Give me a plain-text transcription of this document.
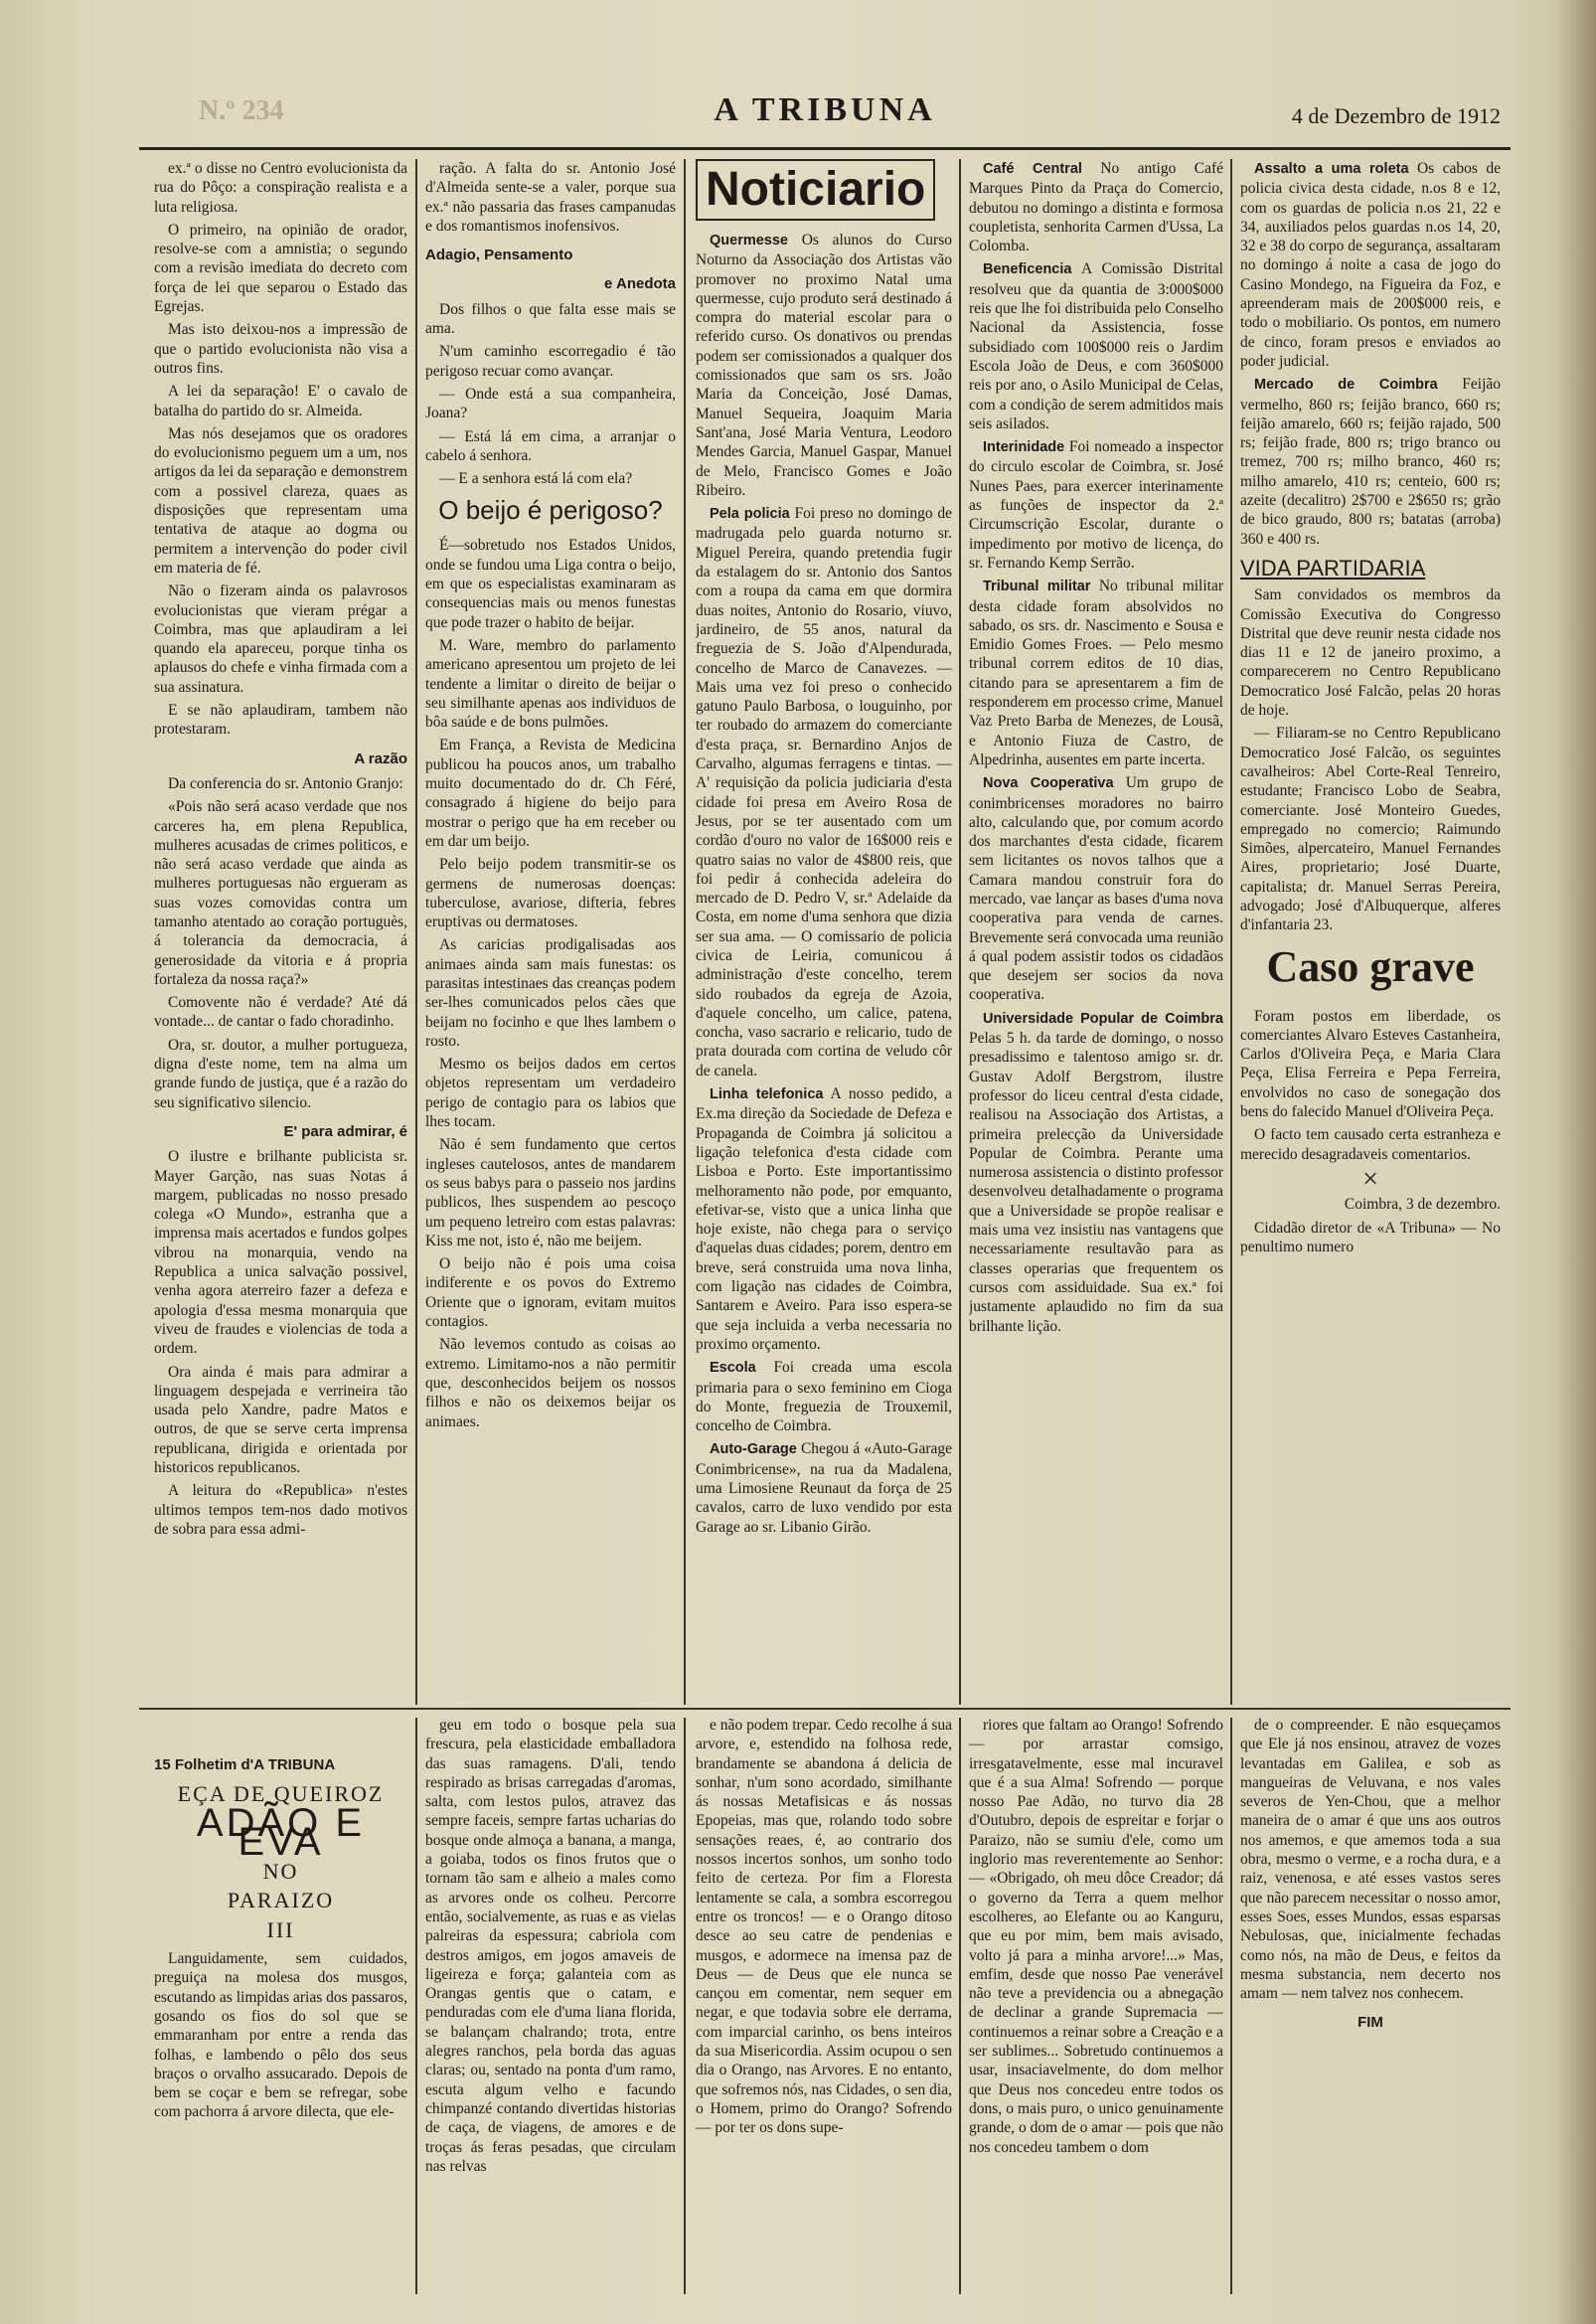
N.º 234	A TRIBUNA	4 de Dezembro de 1912

ex.ª o disse no Centro evolucionista da rua do Pôço: a conspiração realista e a luta religiosa.

O primeiro, na opinião de orador, resolve-se com a amnistia; o segundo com a revisão imediata do decreto com força de lei que separou o Estado das Egrejas.

Mas isto deixou-nos a impressão de que o partido evolucionista não visa a outros fins.

A lei da separação! E' o cavalo de batalha do partido do sr. Almeida.

Mas nós desejamos que os oradores do evolucionismo peguem um a um, nos artigos da lei da separação e demonstrem com a possivel clareza, quaes as disposições que representam uma tentativa de ataque ao dogma ou permitem a intervenção do poder civil em materia de fé.

Não o fizeram ainda os palavrosos evolucionistas que vieram prégar a Coimbra, mas que aplaudiram a lei quando ela apareceu, porque tinha os aplausos do chefe e vinha firmada com a sua assinatura.

E se não aplaudiram, tambem não protestaram.

A razão

Da conferencia do sr. Antonio Granjo:

«Pois não será acaso verdade que nos carceres ha, em plena Republica, mulheres acusadas de crimes politicos, e não será acaso verdade que ainda as mulheres portuguesas não ergueram as suas vozes comovidas contra um tamanho atentado ao coração portuguès, á tolerancia da democracia, á generosidade da vitoria e á propria fortaleza da nossa raça?»

Comovente não é verdade? Até dá vontade... de cantar o fado choradinho.

Ora, sr. doutor, a mulher portugueza, digna d'este nome, tem na alma um grande fundo de justiça, que é a razão do seu significativo silencio.

E' para admirar, é

O ilustre e brilhante publicista sr. Mayer Garção, nas suas Notas á margem, publicadas no nosso presado colega «O Mundo», estranha que a imprensa mais acertados e fundos golpes vibrou na monarquia, vendo na Republica a unica salvação possivel, venha agora aterreiro fazer a defeza e apologia d'essa mesma monarquia que viveu de fraudes e violencias de toda a ordem.

Ora ainda é mais para admirar a linguagem despejada e verrineira tão usada pelo Xandre, padre Matos e outros, de que se serve certa imprensa republicana, dirigida e orientada por historicos republicanos.

A leitura do «Republica» n'estes ultimos tempos tem-nos dado motivos de sobra para essa admi-

ração. A falta do sr. Antonio José d'Almeida sente-se a valer, porque sua ex.ª não passaria das frases campanudas e dos romantismos inofensivos.

Adagio, Pensamento
e Anedota

Dos filhos o que falta esse mais se ama.

N'um caminho escorregadio é tão perigoso recuar como avançar.

— Onde está a sua companheira, Joana?

— Está lá em cima, a arranjar o cabelo á senhora.

— E a senhora está lá com ela?

O beijo é perigoso?

É—sobretudo nos Estados Unidos, onde se fundou uma Liga contra o beijo, em que os especialistas examinaram as consequencias mais ou menos funestas que pode trazer o habito de beijar.

M. Ware, membro do parlamento americano apresentou um projeto de lei tendente a limitar o direito de beijar o seu similhante apenas aos individuos de bôa saúde e de bons pulmões.

Em França, a Revista de Medicina publicou ha poucos anos, um trabalho muito documentado do dr. Ch Féré, consagrado á higiene do beijo para mostrar o perigo que ha em receber ou em dar um beijo.

Pelo beijo podem transmitir-se os germens de numerosas doenças: tuberculose, avariose, difteria, febres eruptivas ou dermatoses.

As caricias prodigalisadas aos animaes ainda sam mais funestas: os parasitas intestinaes das creanças podem ser-lhes comunicados pelos cães que beijam no focinho e que lhes lambem o rosto.

Mesmo os beijos dados em certos objetos representam um verdadeiro perigo de contagio para os labios que lhes tocam.

Não é sem fundamento que certos ingleses cautelosos, antes de mandarem os seus babys para o passeio nos jardins publicos, lhes suspendem ao pescoço um pequeno letreiro com estas palavras: Kiss me not, isto é, não me beijem.

O beijo não é pois uma coisa indiferente e os povos do Extremo Oriente que o ignoram, evitam muitos contagios.

Não levemos contudo as coisas ao extremo. Limitamo-nos a não permitir que, desconhecidos beijem os nossos filhos e não os deixemos beijar os animaes.

Noticiario

Quermesse Os alunos do Curso Noturno da Associação dos Artistas vão promover no proximo Natal uma quermesse, cujo produto será destinado á compra do material escolar para o referido curso. Os donativos ou prendas podem ser comissionados a qualquer dos comissionados que sam os srs. João Maria da Conceição, José Damas, Manuel Sequeira, Joaquim Maria Sant'ana, José Maria Ventura, Leodoro Mendes Garcia, Manuel Gaspar, Manuel de Melo, Francisco Gomes e João Ribeiro.

Pela policia Foi preso no domingo de madrugada pelo guarda noturno sr. Miguel Pereira, quando pretendia fugir da estalagem do sr. Antonio dos Santos com a roupa da cama em que dormira duas noites, Antonio do Rosario, viuvo, jardineiro, de 55 anos, natural da freguezia de S. João d'Alpendurada, concelho de Marco de Canavezes. — Mais uma vez foi preso o conhecido gatuno Paulo Barbosa, o louguinho, por ter roubado do armazem do comerciante d'esta praça, sr. Bernardino Anjos de Carvalho, algumas ferragens e tintas. — A' requisição da policia judiciaria d'esta cidade foi presa em Aveiro Rosa de Jesus, por se ter ausentado com um cordão d'ouro no valor de 16$000 reis e quatro saias no valor de 4$800 reis, que foi pedir á conhecida adeleira do mercado de D. Pedro V, sr.ª Adelaide da Costa, em nome d'uma senhora que dizia ser sua ama. — O comissario de policia civica de Leiria, comunicou á administração d'este concelho, terem sido roubados da egreja de Azoia, d'aquele concelho, um calice, patena, concha, vaso sacrario e relicario, tudo de prata dourada com cortina de veludo côr de canela.

Linha telefonica A nosso pedido, a Ex.ma direção da Sociedade de Defeza e Propaganda de Coimbra já solicitou a ligação telefonica d'esta cidade com Lisboa e Porto. Este importantissimo melhoramento não pode, por emquanto, efetivar-se, visto que a unica linha que hoje existe, não chega para o serviço d'aquelas duas cidades; porem, dentro em breve, será construida uma nova linha, com ligação nas cidades de Coimbra, Santarem e Aveiro. Para isso espera-se que seja incluida a verba necessaria no proximo orçamento.

Escola Foi creada uma escola primaria para o sexo feminino em Cioga do Monte, freguezia de Trouxemil, concelho de Coimbra.

Auto-Garage Chegou á «Auto-Garage Conimbricense», na rua da Madalena, uma Limosiene Reunaut da força de 25 cavalos, carro de luxo vendido por esta Garage ao sr. Libanio Girão.

Café Central No antigo Café Marques Pinto da Praça do Comercio, debutou no domingo a distinta e formosa coupletista, senhorita Carmen d'Ussa, La Colomba.

Beneficencia A Comissão Distrital resolveu que da quantia de 3:000$000 reis que lhe foi distribuida pelo Conselho Nacional da Assistencia, fosse subsidiado com 100$000 reis o Jardim Escola João de Deus, e com 360$000 reis por ano, o Asilo Municipal de Celas, com a condição de serem admitidos mais seis asilados.

Interinidade Foi nomeado a inspector do circulo escolar de Coimbra, sr. José Nunes Paes, para exercer interinamente as funções de inspector da 2.ª Circumscrição Escolar, durante o impedimento por motivo de licença, do sr. Fernando Kemp Serrão.

Tribunal militar No tribunal militar desta cidade foram absolvidos no sabado, os srs. dr. Nascimento e Sousa e Emidio Gomes Froes. — Pelo mesmo tribunal correm editos de 10 dias, citando para se apresentarem a fim de responderem em processo crime, Manuel Vaz Preto Barba de Menezes, de Lousã, e Antonio Fiuza de Castro, de Alpedrinha, ausentes em parte incerta.

Nova Cooperativa Um grupo de conimbricenses moradores no bairro alto, calculando que, por comum acordo dos marchantes d'esta cidade, ficarem sem licitantes os novos talhos que a Camara mandou construir fora do mercado, vae lançar as bases d'uma nova cooperativa para venda de carnes. Brevemente será convocada uma reunião á qual podem assistir todos os cidadãos que desejem ser socios da nova cooperativa.

Universidade Popular de Coimbra Pelas 5 h. da tarde de domingo, o nosso presadissimo e talentoso amigo sr. dr. Gustav Adolf Bergstrom, ilustre professor do liceu central d'esta cidade, realisou na Associação dos Artistas, a primeira prelecção da Universidade Popular de Coimbra. Perante uma numerosa assistencia o distinto professor desenvolveu detalhadamente o programa que a Universidade se propõe realisar e mais uma vez insistiu nas vantagens que necessariamente resultavão para as classes operarias que frequentem os cursos com assiduidade. Sua ex.ª foi justamente aplaudido no fim da sua brilhante lição.

Assalto a uma roleta Os cabos de policia civica desta cidade, n.os 8 e 12, com os guardas de policia n.os 21, 22 e 34, auxiliados pelos guardas n.os 14, 20, 32 e 38 do corpo de segurança, assaltaram no domingo á noite a casa de jogo do Casino Mondego, na Figueira da Foz, e apreenderam mais de 200$000 reis, e todo o mobiliario. Os pontos, em numero de cinco, foram presos e enviados ao poder judicial.

Mercado de Coimbra Feijão vermelho, 860 rs; feijão branco, 660 rs; feijão amarelo, 660 rs; feijão rajado, 500 rs; feijão frade, 800 rs; trigo branco ou tremez, 700 rs; milho branco, 460 rs; milho amarelo, 410 rs; centeio, 600 rs; azeite (decalitro) 2$700 e 2$650 rs; grão de bico graudo, 800 rs; batatas (arroba) 360 e 400 rs.

VIDA PARTIDARIA

Sam convidados os membros da Comissão Executiva do Congresso Distrital que deve reunir nesta cidade nos dias 11 e 12 de janeiro proximo, a comparecerem no Centro Republicano Democratico José Falcão, pelas 20 horas de hoje.

— Filiaram-se no Centro Republicano Democratico José Falcão, os seguintes cavalheiros: Abel Corte-Real Tenreiro, estudante; Francisco Lobo de Seabra, comerciante. José Monteiro Guedes, empregado no comercio; Raimundo Simões, alpercateiro, Manuel Fernandes Aires, proprietario; José Duarte, capitalista; dr. Manuel Serras Pereira, advogado; José d'Albuquerque, alferes d'infantaria 23.

Caso grave

Foram postos em liberdade, os comerciantes Alvaro Esteves Castanheira, Carlos d'Oliveira Peça, e Maria Clara Peça, Elisa Ferreira e Pepa Ferreira, envolvidos no caso de sonegação dos bens do falecido Manuel d'Oliveira Peça.

O facto tem causado certa estranheza e merecido desagradaveis comentarios.

×

Coimbra, 3 de dezembro.

Cidadão diretor de «A Tribuna» — No penultimo numero

15 Folhetim d'A TRIBUNA
EÇA DE QUEIROZ
ADÃO E EVA
NO
PARAIZO
III

Languidamente, sem cuidados, preguiça na molesa dos musgos, escutando as limpidas arias dos passaros, gosando os fios do sol que se emmaranham por entre a renda das folhas, e lambendo o pêlo dos seus braços o orvalho assucarado. Depois de bem se coçar e bem se refregar, sobe com pachorra á arvore dilecta, que ele-

geu em todo o bosque pela sua frescura, pela elasticidade emballadora das suas ramagens. D'ali, tendo respirado as brisas carregadas d'aromas, salta, com lestos pulos, atravez das sempre faceis, sempre fartas ucharias do bosque onde almoça a banana, a manga, a goiaba, todos os finos frutos que o tornam tão sam e alheio a males como as arvores onde os colheu. Percorre então, socialvemente, as ruas e as vielas palreiras da espessura; cabriola com destros amigos, em jogos amaveis de ligeireza e força; galanteia com as Orangas gentis que o catam, e penduradas com ele d'uma liana florida, se balançam chalrando; trota, entre alegres ranchos, pela borda das aguas claras; ou, sentado na ponta d'um ramo, escuta algum velho e facundo chimpanzé contando divertidas historias de caça, de viagens, de amores e de troças ás feras pesadas, que circulam nas relvas

e não podem trepar. Cedo recolhe á sua arvore, e, estendido na folhosa rede, brandamente se abandona á delicia de sonhar, n'um sono acordado, similhante ás nossas Metafisicas e ás nossas Epopeias, mas que, rolando todo sobre sensações reaes, é, ao contrario dos nossos incertos sonhos, um sonho todo feito de certeza. Por fim a Floresta lentamente se cala, a sombra escorregou entre os troncos! — e o Orango ditoso desce ao seu catre de pendenias e musgos, e adormece na imensa paz de Deus — de Deus que ele nunca se cançou em comentar, nem sequer em negar, e que todavia sobre ele derrama, com imparcial carinho, os bens inteiros da sua Misericordia. Assim ocupou o sen dia o Orango, nas Arvores. E no entanto, que sofremos nós, nas Cidades, o sen dia, o Homem, primo do Orango? Sofrendo — por ter os dons supe-

riores que faltam ao Orango! Sofrendo — por arrastar comsigo, irresgatavelmente, esse mal incuravel que é a sua Alma! Sofrendo — porque nosso Pae Adão, no turvo dia 28 d'Outubro, depois de espreitar e forjar o Paraizo, não se sumiu d'ele, como um inglorio mas reverentemente ao Senhor: — «Obrigado, oh meu dôce Creador; dá o governo da Terra a quem melhor escolheres, ao Elefante ou ao Kanguru, que eu por mim, bem mais avisado, volto já para a minha arvore!...» Mas, emfim, desde que nosso Pae venerável não teve a previdencia ou a abnegação de declinar a grande Supremacia — continuemos a reinar sobre a Creação e a ser sublimes... Sobretudo continuemos a usar, insaciavelmente, do dom melhor que Deus nos concedeu entre todos os dons, o mais puro, o unico genuinamente grande, o dom de o amar — pois que não nos concedeu tambem o dom

de o compreender. E não esqueçamos que Ele já nos ensinou, atravez de vozes levantadas em Galilea, e sob as mangueiras de Veluvana, e nos vales severos de Yen-Chou, que a melhor maneira de o amar é que uns aos outros nos amemos, e que amemos toda a sua obra, mesmo o verme, e a rocha dura, e a raiz, venenosa, e até esses vastos seres que não parecem necessitar o nosso amor, esses Soes, esses Mundos, essas esparsas Nebulosas, que, inicialmente fechadas como nós, na mão de Deus, e feitos da mesma substancia, nem decerto nos amam — nem talvez nos conhecem.

FIM
